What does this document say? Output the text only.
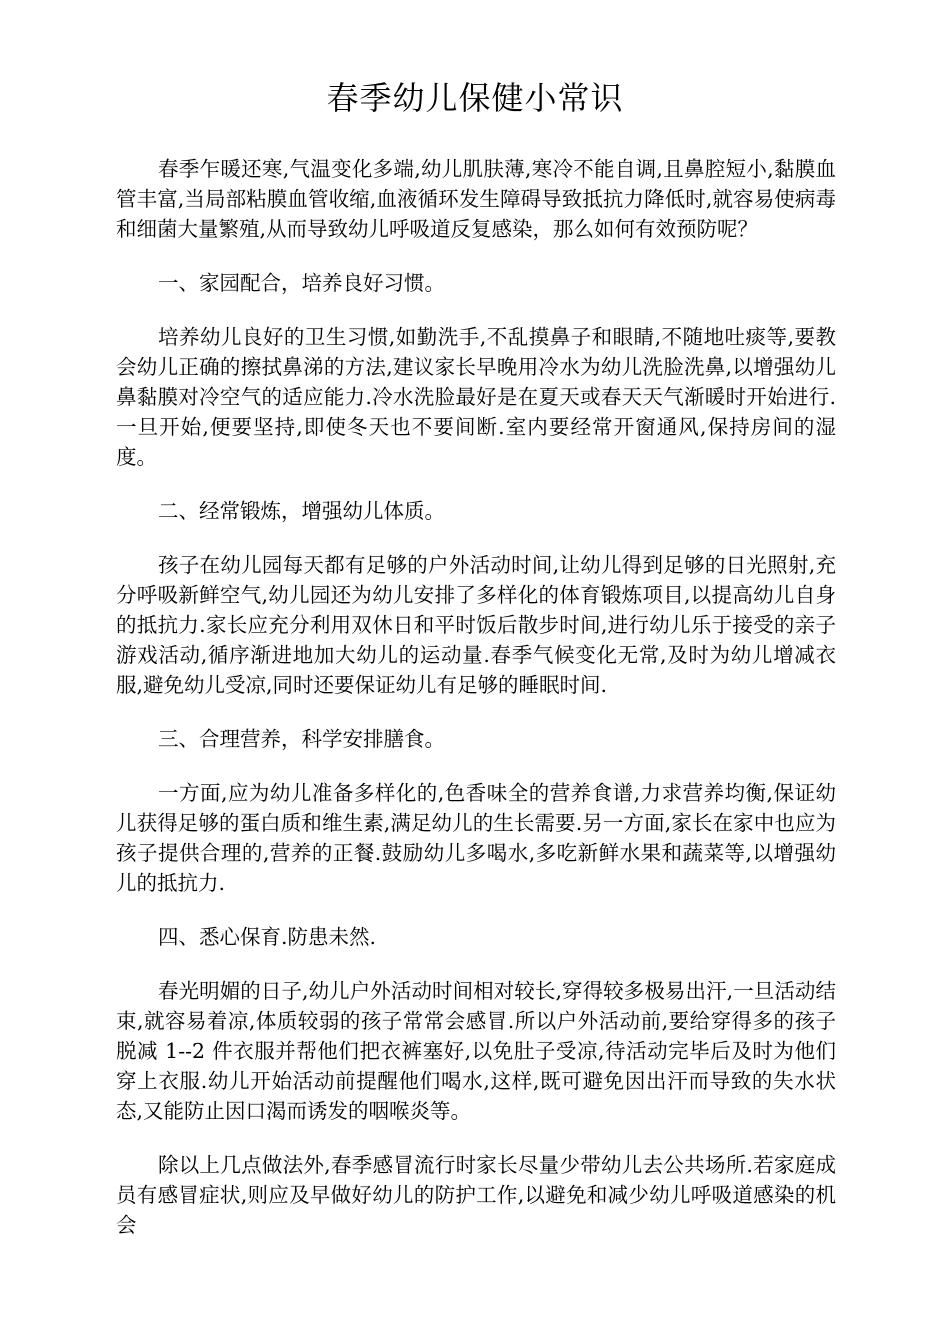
春季幼儿保健小常识

春季乍暖还寒,气温变化多端,幼儿肌肤薄,寒冷不能自调,且鼻腔短小,黏膜血管丰富,当局部粘膜血管收缩,血液循环发生障碍导致抵抗力降低时,就容易使病毒和细菌大量繁殖,从而导致幼儿呼吸道反复感染，那么如何有效预防呢？

一、家园配合，培养良好习惯。

培养幼儿良好的卫生习惯,如勤洗手,不乱摸鼻子和眼睛,不随地吐痰等,要教会幼儿正确的擦拭鼻涕的方法,建议家长早晚用冷水为幼儿洗脸洗鼻,以增强幼儿鼻黏膜对冷空气的适应能力.冷水洗脸最好是在夏天或春天天气渐暖时开始进行.一旦开始,便要坚持,即使冬天也不要间断.室内要经常开窗通风,保持房间的湿度。

二、经常锻炼，增强幼儿体质。

孩子在幼儿园每天都有足够的户外活动时间,让幼儿得到足够的日光照射,充分呼吸新鲜空气,幼儿园还为幼儿安排了多样化的体育锻炼项目,以提高幼儿自身的抵抗力.家长应充分利用双休日和平时饭后散步时间,进行幼儿乐于接受的亲子游戏活动,循序渐进地加大幼儿的运动量.春季气候变化无常,及时为幼儿增减衣服,避免幼儿受凉,同时还要保证幼儿有足够的睡眠时间.

三、合理营养，科学安排膳食。

一方面,应为幼儿准备多样化的,色香味全的营养食谱,力求营养均衡,保证幼儿获得足够的蛋白质和维生素,满足幼儿的生长需要.另一方面,家长在家中也应为孩子提供合理的,营养的正餐.鼓励幼儿多喝水,多吃新鲜水果和蔬菜等,以增强幼儿的抵抗力.

四、悉心保育.防患未然.

春光明媚的日子,幼儿户外活动时间相对较长,穿得较多极易出汗,一旦活动结束,就容易着凉,体质较弱的孩子常常会感冒.所以户外活动前,要给穿得多的孩子脱减 1--2 件衣服并帮他们把衣裤塞好,以免肚子受凉,待活动完毕后及时为他们穿上衣服.幼儿开始活动前提醒他们喝水,这样,既可避免因出汗而导致的失水状态,又能防止因口渴而诱发的咽喉炎等。

除以上几点做法外,春季感冒流行时家长尽量少带幼儿去公共场所.若家庭成员有感冒症状,则应及早做好幼儿的防护工作,以避免和减少幼儿呼吸道感染的机会
